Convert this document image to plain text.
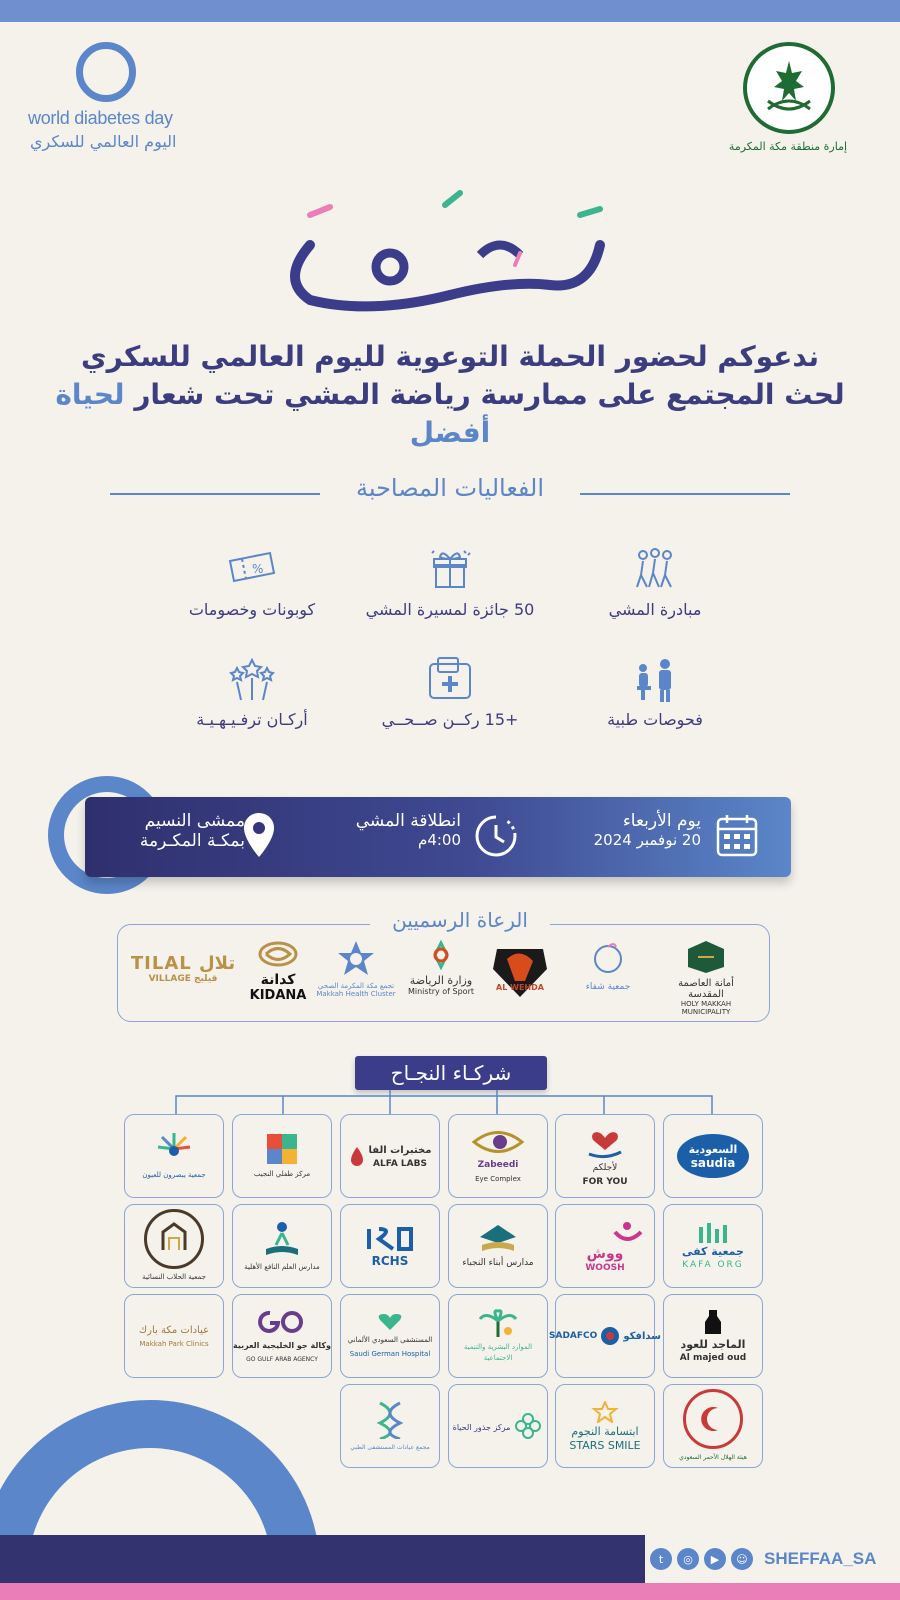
world diabetes day
اليوم العالمي للسكري	إمارة منطقة مكة المكرمة
ندعوكم لحضور الحملة التوعوية لليوم العالمي للسكري
لحث المجتمع على ممارسة رياضة المشي تحت شعار لحياة أفضل
الفعاليات المصاحبة
مبادرة المشي
50 جائزة لمسيرة المشي
%
كوبونات وخصومات
فحوصات طبية
+15 ركــن صــحــي
أركـان ترفـيـهـيـة
يوم الأربعاء
20 نوفمبر 2024
انطلاقة المشي
4:00م
ممشى النسيم
بمكـة المكـرمة
أمانة العاصمة المقدسة
HOLY MAKKAH MUNICIPALITY
جمعية شفاء
AL WEHDA
وزارة الرياضة
Ministry of Sport
تجمع مكة المكرمة الصحي
Makkah Health Cluster
كدانة
KIDANA
TILAL تلال
VILLAGE قيليج
الرعاة الرسميين
شركـاء النجـاح
السعودية
saudia
لأجلكم
FOR YOU
Zabeedi
Eye Complex
مختبرات الفا
ALFA LABS
مركز طفلي النجيب
جمعية يبصرون للعيون
جمعية كفى
KAFA ORG
ووش
WOOSH
مدارس أبناء النجباء
RCHS
مدارس العلم النافع الأهلية
جمعية الحلاب النسائية
الماجد للعود
Al majed oud
SADAFCO	سدافكو
الموارد البشرية والتنمية الاجتماعية
المستشفى السعودي الألماني
Saudi German Hospital
وكالة جو الخليجية العربية
GO GULF ARAB AGENCY
عيادات مكة بارك
Makkah Park Clinics
هيئة الهلال الأحمر السعودي
ابتسامة النجوم
STARS SMILE
مركز جذور الحياة
مجمع عيادات المستشفى الطبي
t	◎	▶	☺ SHEFFAA_SA
